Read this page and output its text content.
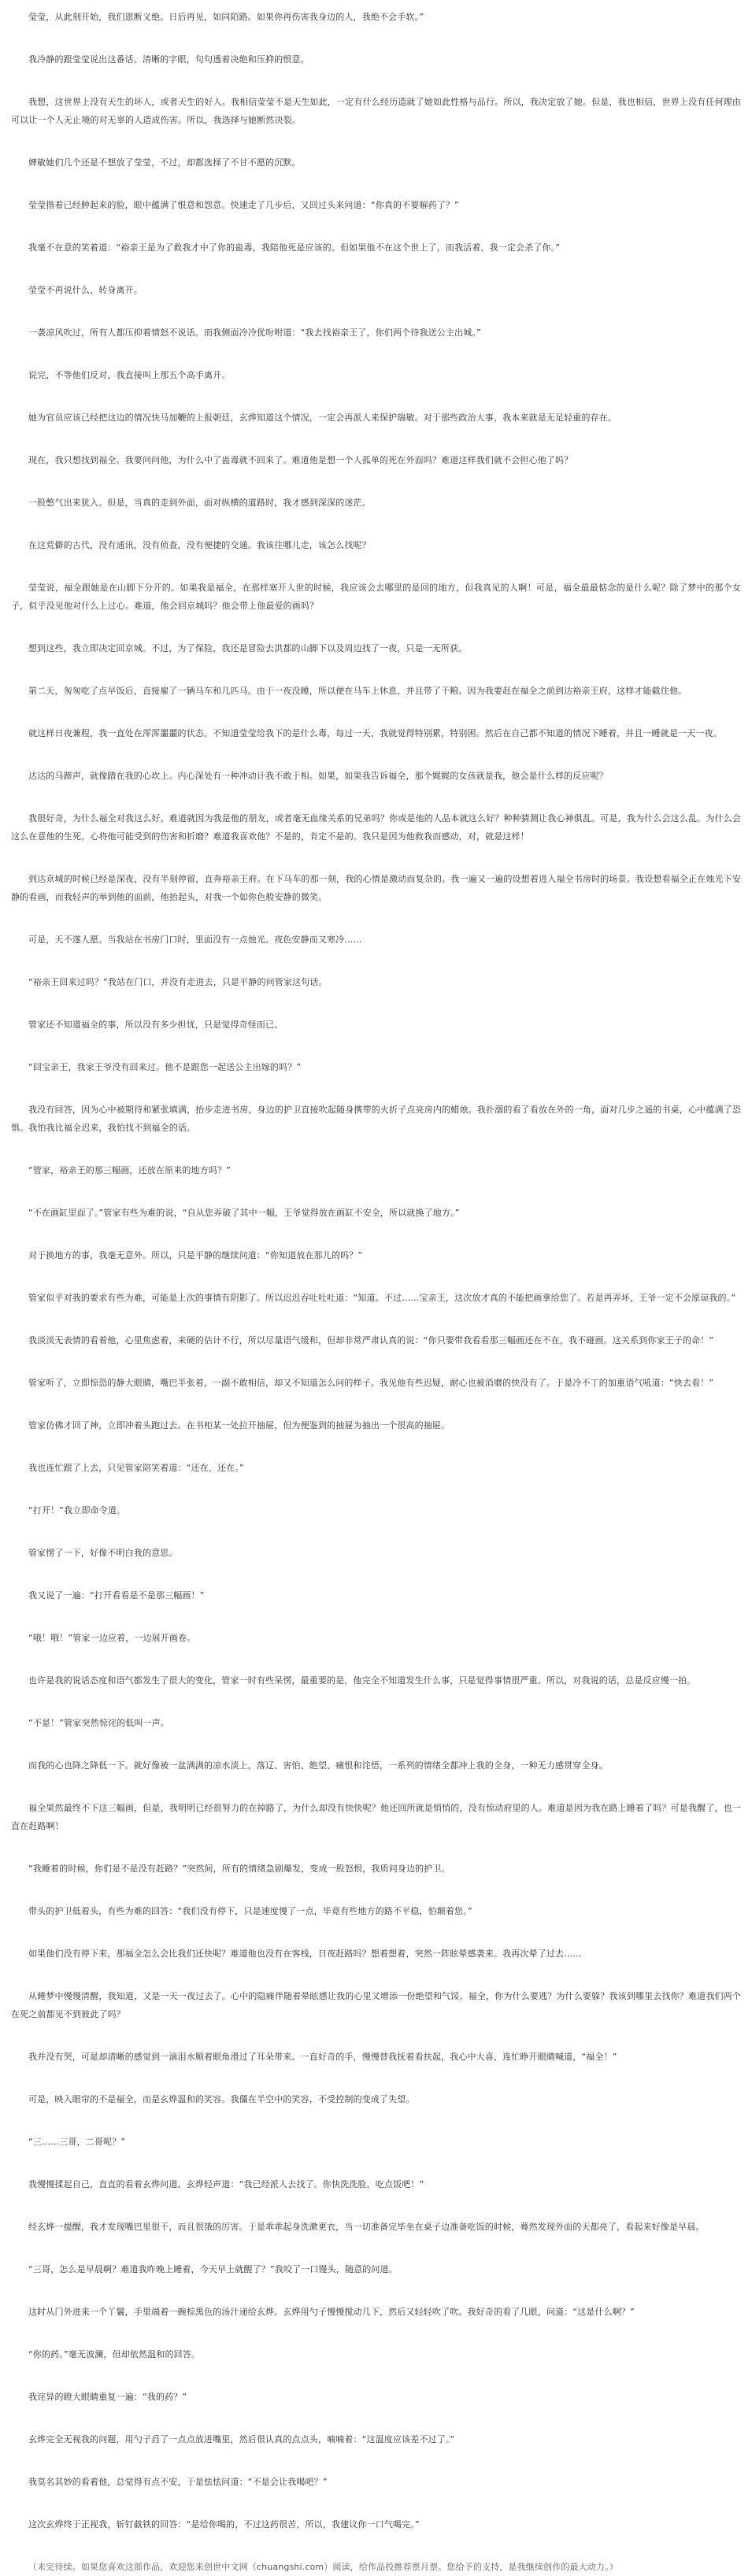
莹莹，从此刻开始，我们恩断义绝。日后再见，如同陌路。如果你再伤害我身边的人，我绝不会手软。”

我冷静的跟莹莹说出这番话。清晰的字眼，句句透着决绝和压抑的恨意。

我想，这世界上没有天生的坏人，或者天生的好人。我相信莹莹不是天生如此，一定有什么经历造就了她如此性格与品行。所以，我决定放了她。但是，我也相信，世界上没有任何理由可以让一个人无止境的对无辜的人造成伤害。所以，我选择与她断然决裂。

婢敏她们几个还是不想放了莹莹，不过，却都选择了不甘不愿的沉默。

莹莹揩着已经肿起来的脸，眼中蕴满了恨意和怨意。快速走了几步后，又回过头来问道：“你真的不要解药了？”

我毫不在意的笑着道：“裕亲王是为了救我才中了你的蛊毒，我陪他死是应该的。但如果他不在这个世上了，而我活着，我一定会杀了你。”

莹莹不再说什么，转身离开。

一袭凉风吹过，所有人都压抑着情怒不说话。而我侧面冷冷优吩咐道：“我去找裕亲王了，你们两个待我送公主出城。”

说完，不等他们反对，我直接叫上那五个高手离开。

她为官员应该已经把这边的情况快马加鞭的上报朝廷，玄烨知道这个情况，一定会再派人来保护瑞敏。对于那些政治大事，我本来就是无足轻重的存在。

现在，我只想找到福全。我要问问他，为什么中了蛊毒就不回来了。难道他是想一个人孤单的死在外面吗？难道这样我们就不会担心他了吗？

一股憋气出来犹入。但是，当真的走到外面，面对纵横的道路时，我才感到深深的迷茫。

在这荒僻的古代，没有通讯，没有侦查，没有便捷的交通。我该往哪儿走，该怎么找呢？

莹莹说，福全跟她是在山脚下分开的。如果我是福全，在那样塞开人世的时候，我应该会去哪里的是回的地方，但我真见的人啊！可是，福全最最惦念的是什么呢？除了梦中的那个女子，似乎没见他对什么上过心。难道，他会回京城吗？他会带上他最爱的画吗？

想到这些，我立即决定回京城。不过，为了保险，我还是冒险去洪都的山脚下以及周边找了一夜，只是一无所获。

第二天，匆匆吃了点早饭后，直接雇了一辆马车和几匹马。由于一夜没睡，所以便在马车上休息，并且带了干粮。因为我要赶在福全之前到达裕亲王府，这样才能截住他。

就这样日夜兼程，我一直处在浑浑噩噩的状态。不知道莹莹给我下的是什么毒，每过一天，我就觉得特别累，特别困。然后在自己都不知道的情况下睡着，并且一睡就是一天一夜。

达达的马蹄声，就像踏在我的心坎上。内心深处有一种冲动计我不敢于相。如果，如果我告诉福全，那个娓娓的女孩就是我，他会是什么样的反应呢？

我很好奇，为什么福全对我这么好。难道就因为我是他的朋友，或者毫无血缘关系的兄弟吗？你或是他的人品本就这么好？种种猜测让我心神俱乱。可是，我为什么会这么乱。为什么会这么在意他的生死。心将他可能受到的伤害和折磨？难道我喜欢他？不是的，肯定不是的。我只是因为他救我而感动，对，就是这样！

到达京城的时候已经是深夜，没有半刻停留，直奔裕亲王府。在下马车的那一刻，我的心情是激动而复杂的。我一遍又一遍的设想着进入福全书房时的场景。我设想看福全正在烛光下安静的看画，而我轻声的举到他的面前，他抬起头，对我一个如你色般安静的微笑。

可是，天不遂人愿。当我站在书房门口时，里面没有一点烛光。夜色安静而又寒冷……

“裕亲王回来过吗？”我站在门口，并没有走进去，只是平静的问管家这句话。

管家还不知道福全的事，所以没有多少担忧，只是觉得奇怪而已。

“回宝亲王，我家王爷没有回来过。他不是跟您一起送公主出嫁的吗？”

我没有回答，因为心中被期待和紧张填满，抬步走进书房，身边的护卫直接吹起随身携带的火折子点亮房内的蜡烛。我扑溺的看了看放在外的一角，面对几步之遥的书桌，心中蕴满了恐惧。我怕我比福全迟来，我怕找不到福全的话。

“管家，裕亲王的那三幅画，还放在原来的地方吗？”

“不在画缸里面了。”管家有些为难的说，“自从您弄破了其中一幅，王爷觉得放在画缸不安全，所以就换了地方。”

对于换地方的事，我毫无意外。所以，只是平静的继续问道：“你知道放在那儿的吗？”

管家似乎对我的要求有些为难，可能是上次的事情有阴影了。所以迟迟吞吐吐吐道：“知道。不过……宝亲王，这次放才真的不能把画拿给您了。若是再弄坏，王爷一定不会原谅我的。”

我淡淡无表情的看着他，心里焦虑着，来硬的估计不行，所以尽量语气缓和，但却非常严肃认真的说：“你只要带我看看那三幅画还在不在，我不碰画。这关系到你家王子的命！”

管家听了，立即惊恐的静大眼睛，嘴巴半张着，一副不敢相信，却又不知道怎么问的样子。我见他有些迟疑，耐心也被消磨的快没有了。于是冷不丁的加重语气吼道：“快去看！”

管家仿佛才回了神，立即冲着头跑过去。在书柜某一处拉开抽屉，但为便鉴到的抽屉为抽出一个很高的抽屉。

我也连忙跟了上去，只见管家陪笑着道：“还在，还在。”

“打开！”我立即命令道。

管家愣了一下，好像不明白我的意思。

我又说了一遍：“打开看看是不是那三幅画！”

“哦！哦！”管家一边应着，一边展开画卷。

也许是我的说话态度和语气都发生了很大的变化，管家一时有些呆愣，最重要的是，他完全不知道发生什么事，只是觉得事情很严重。所以，对我说的话，总是反应慢一拍。

“不是！”管家突然惊诧的低叫一声。

而我的心也降之降低一下。就好像被一盆满满的凉水淡上，落辽、害怕、绝望、痛恨和诧悟，一系列的情绪全都冲上我的全身，一种无力感贯穿全身。

福全果然最终不下这三幅画，但是，我明明已经很努力的在掉路了，为什么却没有快快呢？他还回所就是悄悄的，没有惊动府里的人。难道是因为我在路上睡着了吗？可是我醒了，也一直在赶路啊！

“我睡着的时候，你们是不是没有赶路？”突然间，所有的情绪急剧爆发，变成一股怒恨，我质问身边的护卫。

带头的护卫低着头，有些为难的回答：“我们没有停下，只是速度慢了一点，毕竟有些地方的路不平稳，怕颠着您。”

如果他们没有停下来，那福全怎么会比我们还快呢？难道他也没有在客栈，日夜赶路吗？想着想着，突然一阵眩晕感袭来。我再次晕了过去……

从睡梦中慢慢清醒，我知道，又是一天一夜过去了。心中的隐痛伴随着晕眩感让我的心里又增添一份绝望和气馁。福全，你为什么要逃？为什么要躲？我该到哪里去找你？难道我们两个在死之前都见不到彼此了吗？

我并没有哭，可是却清晰的感觉到一滴泪水顺着眼角滑过了耳朵带来。一直好奇的手，慢慢替我抚着看扶起，我心中大喜，连忙睁开眼睛喊道，“福全！”

可是，映入眼帘的不是福全，而是玄烨温和的笑容。我僵在半空中的笑容，不受控制的变成了失望。

“三……三哥，二哥呢？”

我慢慢揉起自己，直直的看着玄烨问道。玄烨轻声道：“我已经派人去找了。你快洗洗脸，吃点饭吧！”

经玄烨一提醒，我才发现嘴巴里很干，而且很饿的厉害。于是乖乖起身洗漱更衣，当一切准备完毕坐在桌子边准备吃饭的时候，蓦然发现外面的天都亮了，看起来好像是早晨。

“三哥，怎么是早晨啊？难道我昨晚上睡着，今天早上就醒了？”我咬了一口馒头，随意的问道。

这时从门外进来一个丫鬟，手里端着一碗棕黑色的汤汁递给玄烨。玄烨用勺子慢慢搅动几下，然后又轻轻吹了吹。我好奇的看了几眼，问道：“这是什么啊？”

“你的药。”毫无波澜，但却依然温和的回答。

我诧异的瞪大眼睛重复一遍：“我的药？”

玄烨完全无视我的问题，用勺子舀了一点点放进嘴里，然后很认真的点点头，喃喃着：“这温度应该差不过了。”

我莫名其妙的看着他，总觉得有点不安，于是怯怯问道：“不是会让我喝吧？”

这次玄烨终于正视我，斩钉截铁的回答：“是给你喝的，不过这药很苦，所以，我建议你一口气喝完。”

（未完待续。如果您喜欢这部作品，欢迎您来创世中文网（chuangshi.com）阅读，给作品投推荐票月票。您给予的支持，是我继续创作的最大动力。）
